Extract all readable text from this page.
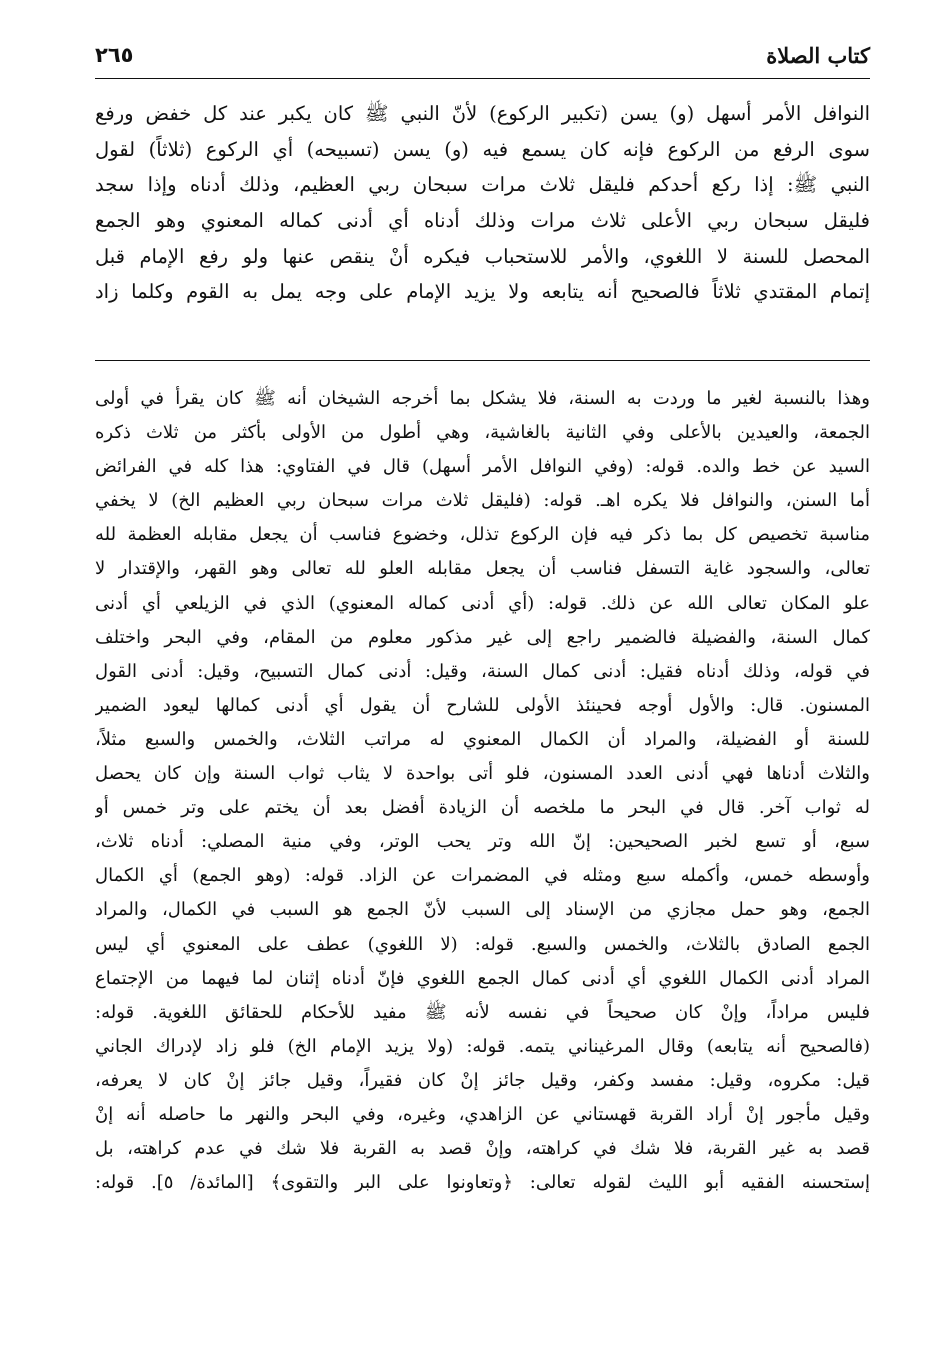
كتاب الصلاة
٢٦٥
النوافل الأمر أسهل (و) يسن (تكبير الركوع) لأنّ النبي ﷺ كان يكبر عند كل خفض ورفع
سوى الرفع من الركوع فإنه كان يسمع فيه (و) يسن (تسبيحه) أي الركوع (ثلاثاً) لقول
النبي ﷺ: إذا ركع أحدكم فليقل ثلاث مرات سبحان ربي العظيم، وذلك أدناه وإذا سجد
فليقل سبحان ربي الأعلى ثلاث مرات وذلك أدناه أي أدنى كماله المعنوي وهو الجمع
المحصل للسنة لا اللغوي، والأمر للاستحباب فيكره أنْ ينقص عنها ولو رفع الإمام قبل
إتمام المقتدي ثلاثاً فالصحيح أنه يتابعه ولا يزيد الإمام على وجه يمل به القوم وكلما زاد
وهذا بالنسبة لغير ما وردت به السنة، فلا يشكل بما أخرجه الشيخان أنه ﷺ كان يقرأ في أولى
الجمعة، والعيدين بالأعلى وفي الثانية بالغاشية، وهي أطول من الأولى بأكثر من ثلاث ذكره
السيد عن خط والده. قوله: (وفي النوافل الأمر أسهل) قال في الفتاوي: هذا كله في الفرائض
أما السنن، والنوافل فلا يكره اهـ. قوله: (فليقل ثلاث مرات سبحان ربي العظيم الخ) لا يخفي
مناسبة تخصيص كل بما ذكر فيه فإن الركوع تذلل، وخضوع فناسب أن يجعل مقابله العظمة لله
تعالى، والسجود غاية التسفل فناسب أن يجعل مقابله العلو لله تعالى وهو القهر، والإقتدار لا
علو المكان تعالى الله عن ذلك. قوله: (أي أدنى كماله المعنوي) الذي في الزيلعي أي أدنى
كمال السنة، والفضيلة فالضمير راجع إلى غير مذكور معلوم من المقام، وفي البحر واختلف
في قوله، وذلك أدناه فقيل: أدنى كمال السنة، وقيل: أدنى كمال التسبيح، وقيل: أدنى القول
المسنون. قال: والأول أوجه فحينئذ الأولى للشارح أن يقول أي أدنى كمالها ليعود الضمير
للسنة أو الفضيلة، والمراد أن الكمال المعنوي له مراتب الثلاث، والخمس والسبع مثلاً،
والثلاث أدناها فهي أدنى العدد المسنون، فلو أتى بواحدة لا يثاب ثواب السنة وإن كان يحصل
له ثواب آخر. قال في البحر ما ملخصه أن الزيادة أفضل بعد أن يختم على وتر خمس أو
سبع، أو تسع لخبر الصحيحين: إنّ الله وتر يحب الوتر، وفي منية المصلي: أدناه ثلاث،
وأوسطه خمس، وأكمله سبع ومثله في المضمرات عن الزاد. قوله: (وهو الجمع) أي الكمال
الجمع، وهو حمل مجازي من الإسناد إلى السبب لأنّ الجمع هو السبب في الكمال، والمراد
الجمع الصادق بالثلاث، والخمس والسبع. قوله: (لا اللغوي) عطف على المعنوي أي ليس
المراد أدنى الكمال اللغوي أي أدنى كمال الجمع اللغوي فإنّ أدناه إثنان لما فيهما من الإجتماع
فليس مراداً، وإنْ كان صحيحاً في نفسه لأنه ﷺ مفيد للأحكام للحقائق اللغوية. قوله:
(فالصحيح أنه يتابعه) وقال المرغيناني يتمه. قوله: (ولا يزيد الإمام الخ) فلو زاد لإدراك الجاني
قيل: مكروه، وقيل: مفسد وكفر، وقيل جائز إنْ كان فقيراً، وقيل جائز إنْ كان لا يعرفه،
وقيل مأجور إنْ أراد القربة قهستاني عن الزاهدي، وغيره، وفي البحر والنهر ما حاصله أنه إنْ
قصد به غير القربة، فلا شك في كراهته، وإنْ قصد به القربة فلا شك في عدم كراهته، بل
إستحسنه الفقيه أبو الليث لقوله تعالى: ﴿وتعاونوا على البر والتقوى﴾ [المائدة/ ٥]. قوله:
